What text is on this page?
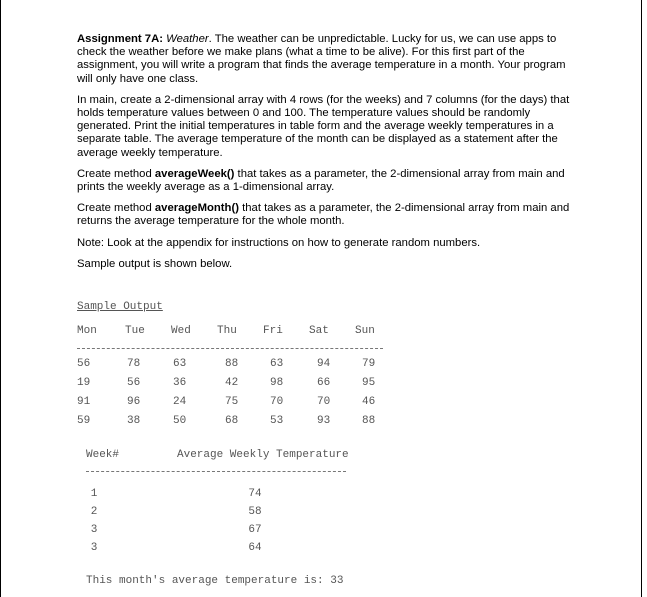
Assignment 7A: Weather. The weather can be unpredictable. Lucky for us, we can use apps to check the weather before we make plans (what a time to be alive). For this first part of the assignment, you will write a program that finds the average temperature in a month. Your program will only have one class.

In main, create a 2-dimensional array with 4 rows (for the weeks) and 7 columns (for the days) that holds temperature values between 0 and 100. The temperature values should be randomly generated. Print the initial temperatures in table form and the average weekly temperatures in a separate table. The average temperature of the month can be displayed as a statement after the average weekly temperature.

Create method averageWeek() that takes as a parameter, the 2-dimensional array from main and prints the weekly average as a 1-dimensional array.

Create method averageMonth() that takes as a parameter, the 2-dimensional array from main and returns the average temperature for the whole month.

Note: Look at the appendix for instructions on how to generate random numbers.

Sample output is shown below.

Sample Output
Mon	Tue	Wed	Thu	Fri	Sat	Sun
56	78	63	88	63	94	79
19	56	36	42	98	66	95
91	96	24	75	70	70	46
59	38	50	68	53	93	88
Week#	Average Weekly Temperature
1	74
2	58
3	67
3	64
This month's average temperature is: 33
